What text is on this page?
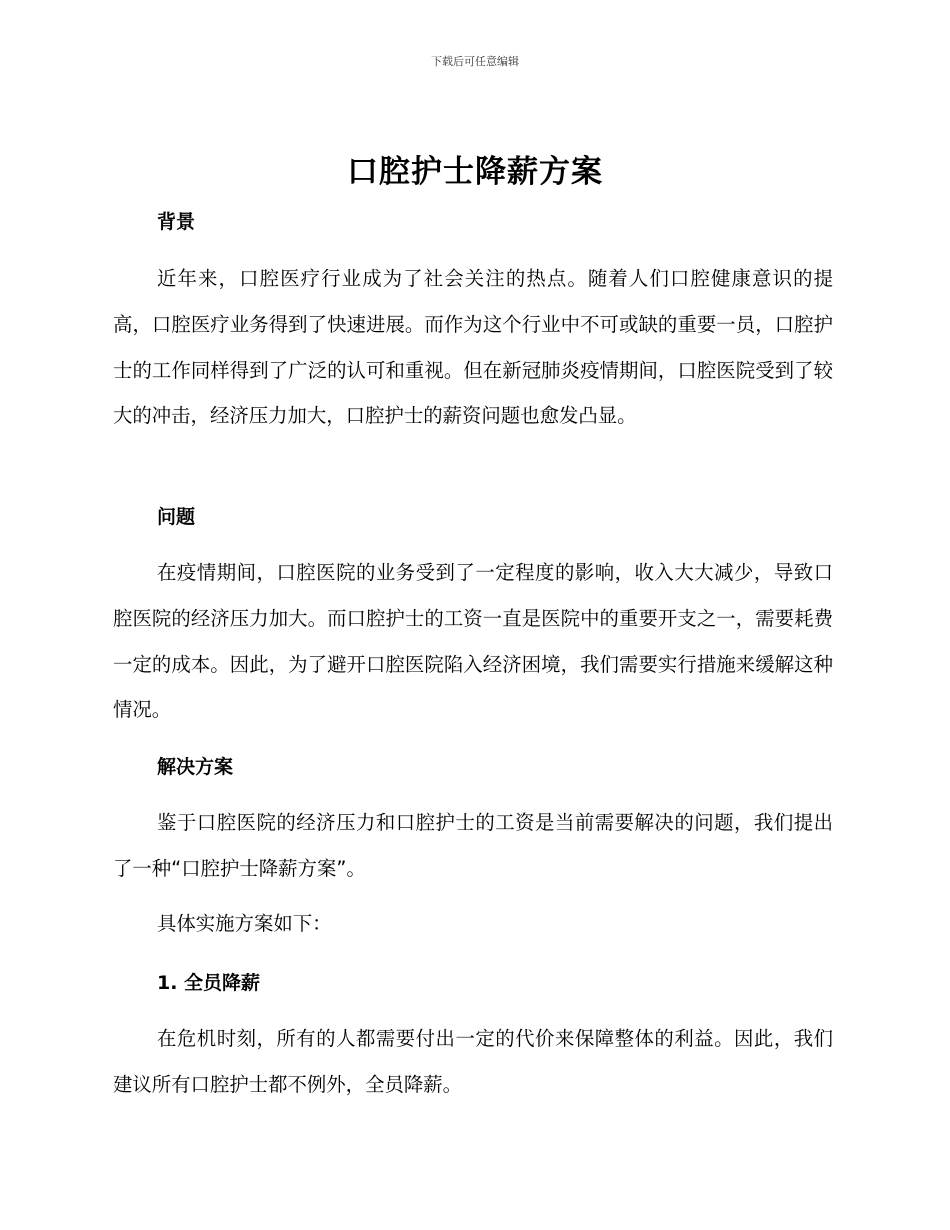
下载后可任意编辑
口腔护士降薪方案
背景

近年来，口腔医疗行业成为了社会关注的热点。随着人们口腔健康意识的提高，口腔医疗业务得到了快速进展。而作为这个行业中不可或缺的重要一员，口腔护士的工作同样得到了广泛的认可和重视。但在新冠肺炎疫情期间，口腔医院受到了较大的冲击，经济压力加大，口腔护士的薪资问题也愈发凸显。

问题

在疫情期间，口腔医院的业务受到了一定程度的影响，收入大大减少，导致口腔医院的经济压力加大。而口腔护士的工资一直是医院中的重要开支之一，需要耗费一定的成本。因此，为了避开口腔医院陷入经济困境，我们需要实行措施来缓解这种情况。

解决方案

鉴于口腔医院的经济压力和口腔护士的工资是当前需要解决的问题，我们提出了一种“口腔护士降薪方案”。

具体实施方案如下：

1. 全员降薪

在危机时刻，所有的人都需要付出一定的代价来保障整体的利益。因此，我们建议所有口腔护士都不例外，全员降薪。
